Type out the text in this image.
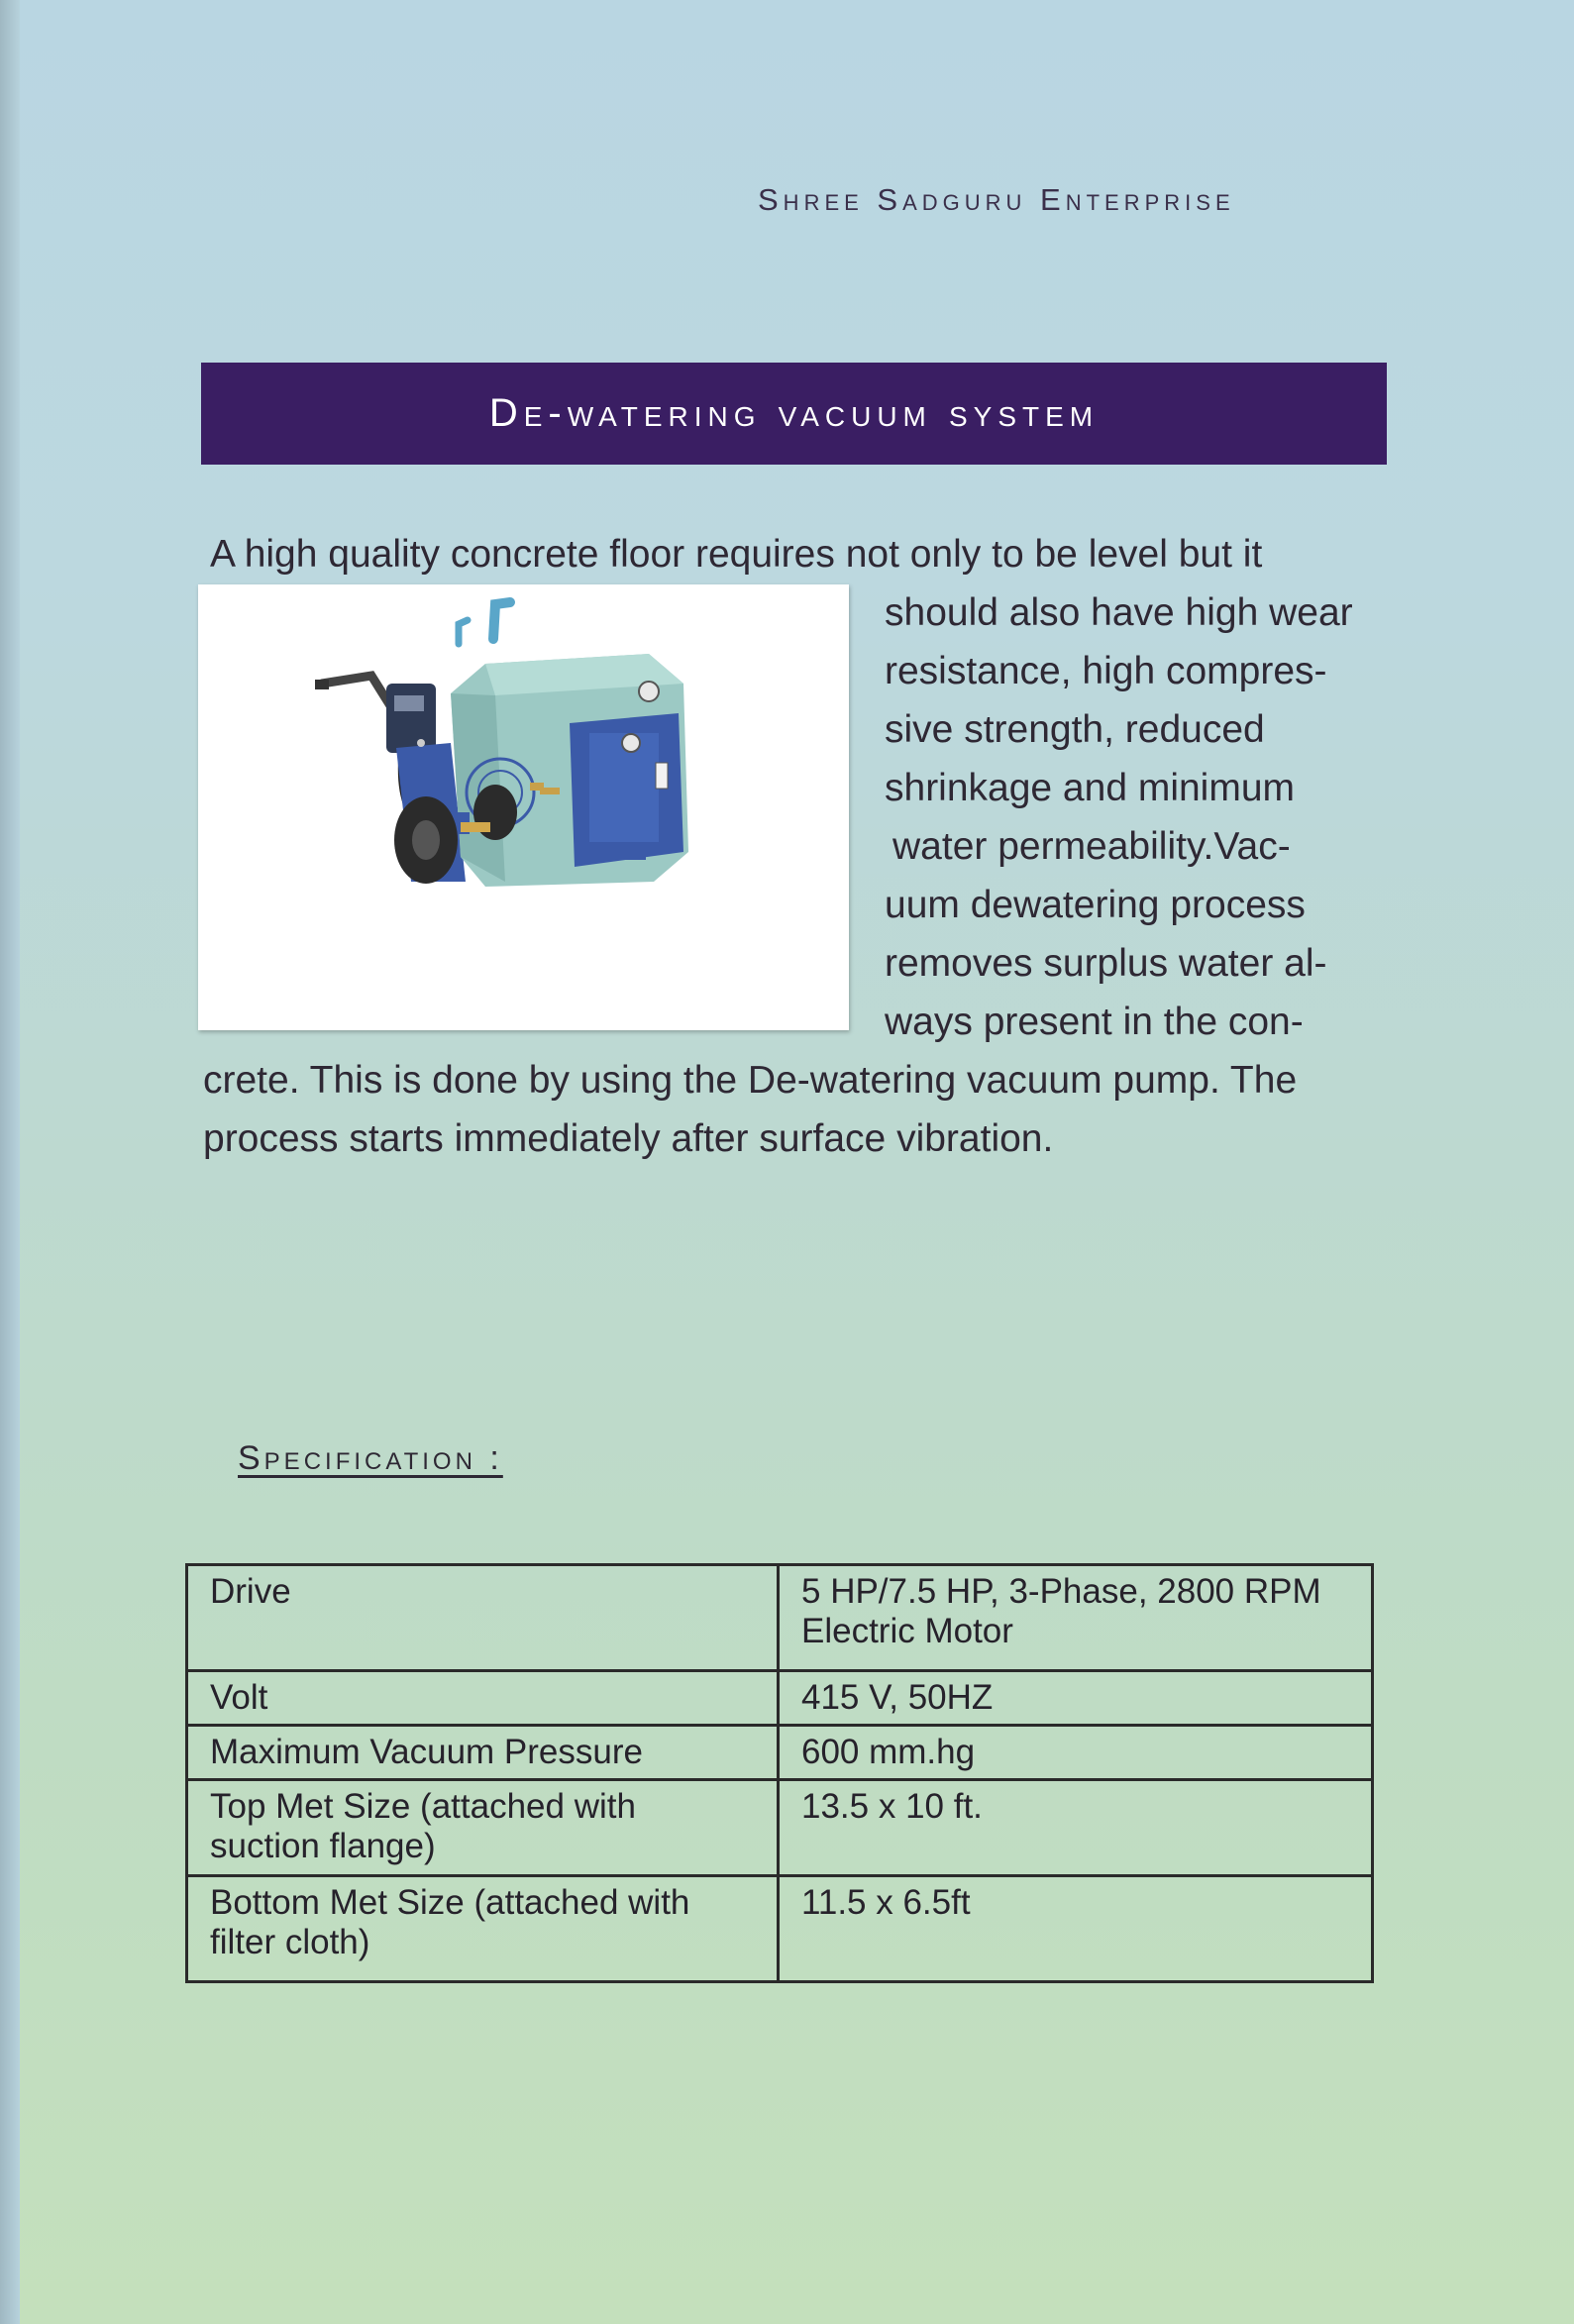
Shree Sadguru Enterprise
De-watering vacuum system
A high quality concrete floor requires not only to be level but it
should also have high wear
resistance, high compres-
sive strength, reduced
shrinkage and minimum
water permeability.Vac-
uum dewatering process
removes surplus water al-
ways present in the con-
crete. This is done by using the De-watering vacuum pump. The
process starts immediately after surface vibration.
Specification :
Drive	5 HP/7.5 HP, 3-Phase, 2800 RPM Electric Motor
Volt	415 V, 50HZ
Maximum Vacuum Pressure	600 mm.hg
Top Met Size (attached with suction flange)	13.5 x 10 ft.
Bottom Met Size (attached with filter cloth)	11.5 x 6.5ft
